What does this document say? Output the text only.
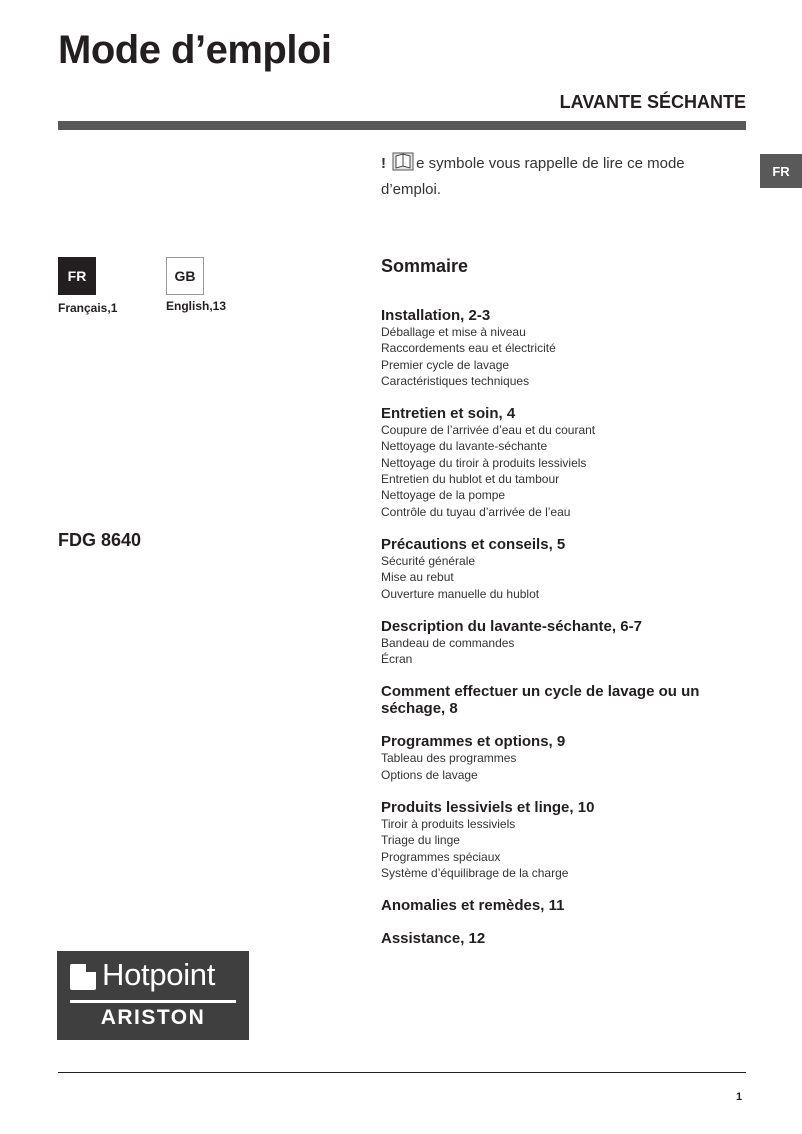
Mode d’emploi
LAVANTE SÉCHANTE
FR
! e symbole vous rappelle de lire ce mode d’emploi.
FR
Français,1
GB
English,13
FDG 8640
Sommaire
Installation, 2-3
Déballage et mise à niveau
Raccordements eau et électricité
Premier cycle de lavage
Caractéristiques techniques
Entretien et soin, 4
Coupure de l’arrivée d’eau et du courant
Nettoyage du lavante-séchante
Nettoyage du tiroir à produits lessiviels
Entretien du hublot et du tambour
Nettoyage de la pompe
Contrôle du tuyau d’arrivée de l’eau
Précautions et conseils, 5
Sécurité générale
Mise au rebut
Ouverture manuelle du hublot
Description du lavante-séchante, 6-7
Bandeau de commandes
Écran
Comment effectuer un cycle de lavage ou un séchage, 8
Programmes et options, 9
Tableau des programmes
Options de lavage
Produits lessiviels et linge, 10
Tiroir à produits lessiviels
Triage du linge
Programmes spéciaux
Système d’équilibrage de la charge
Anomalies et remèdes, 11
Assistance, 12
Hotpoint
ARISTON
1
